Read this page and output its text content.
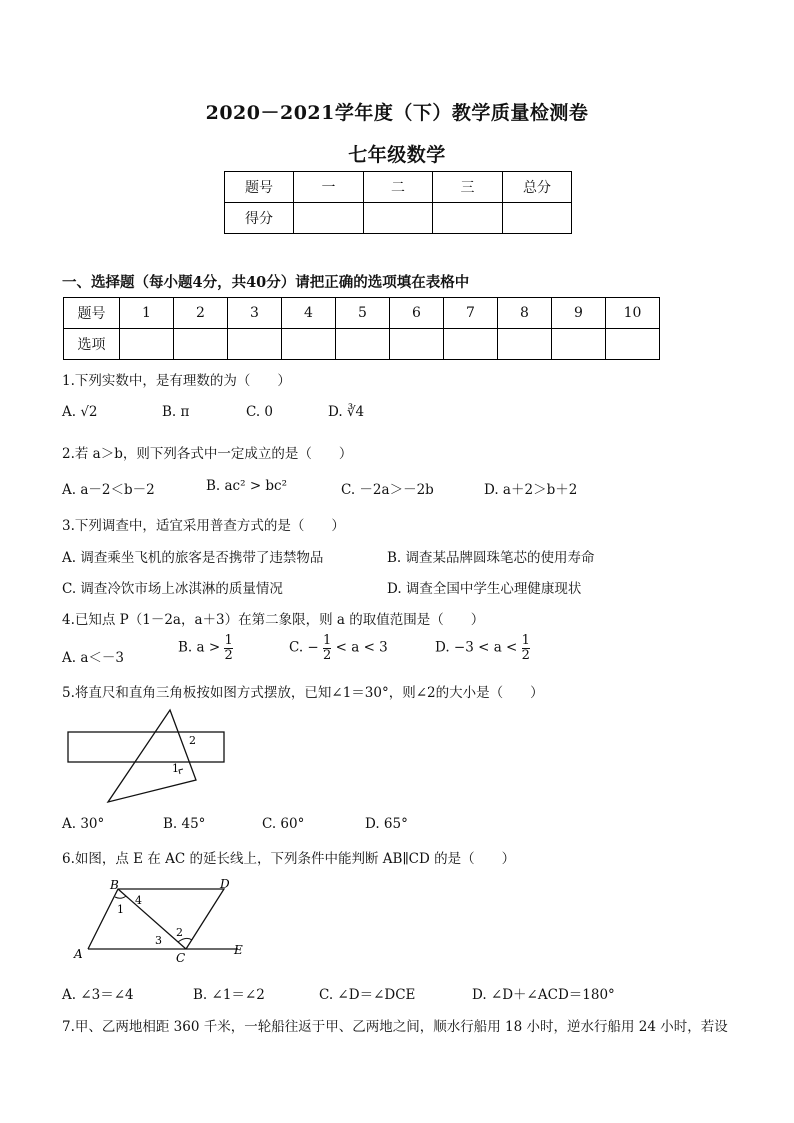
2020－2021学年度（下）教学质量检测卷
七年级数学
题号	一	二	三	总分
得分				
一、选择题（每小题4分，共40分）请把正确的选项填在表格中
题号	1	2	3	4	5	6	7	8	9	10
选项										
1.下列实数中，是有理数的为（　　）
A. √2	B. π	C. 0	D. ∛4
2.若 a＞b，则下列各式中一定成立的是（　　）
A. a－2＜b－2	B. ac² > bc²	C. －2a＞－2b	D. a＋2＞b＋2
3.下列调查中，适宜采用普查方式的是（　　）
A. 调查乘坐飞机的旅客是否携带了违禁物品	B. 调查某品牌圆珠笔芯的使用寿命
C. 调查冷饮市场上冰淇淋的质量情况	D. 调查全国中学生心理健康现状
4.已知点 P（1－2a，a＋3）在第二象限，则 a 的取值范围是（　　）
A. a＜－3
B. $a > \frac{1}{2}$	C. − $\frac{1}{2} < a < 3$	D. $-3 < a < \frac{1}{2}$
5.将直尺和直角三角板按如图方式摆放，已知∠1＝30°，则∠2的大小是（　　）
2
1
A. 30°	B. 45°	C. 60°	D. 65°
6.如图，点 E 在 AC 的延长线上，下列条件中能判断 AB∥CD 的是（　　）
B	D
A	C
E
1
4
3
2
A. ∠3＝∠4	B. ∠1＝∠2	C. ∠D＝∠DCE	D. ∠D＋∠ACD＝180°
7.甲、乙两地相距 360 千米，一轮船往返于甲、乙两地之间，顺水行船用 18 小时，逆水行船用 24 小时，若设
